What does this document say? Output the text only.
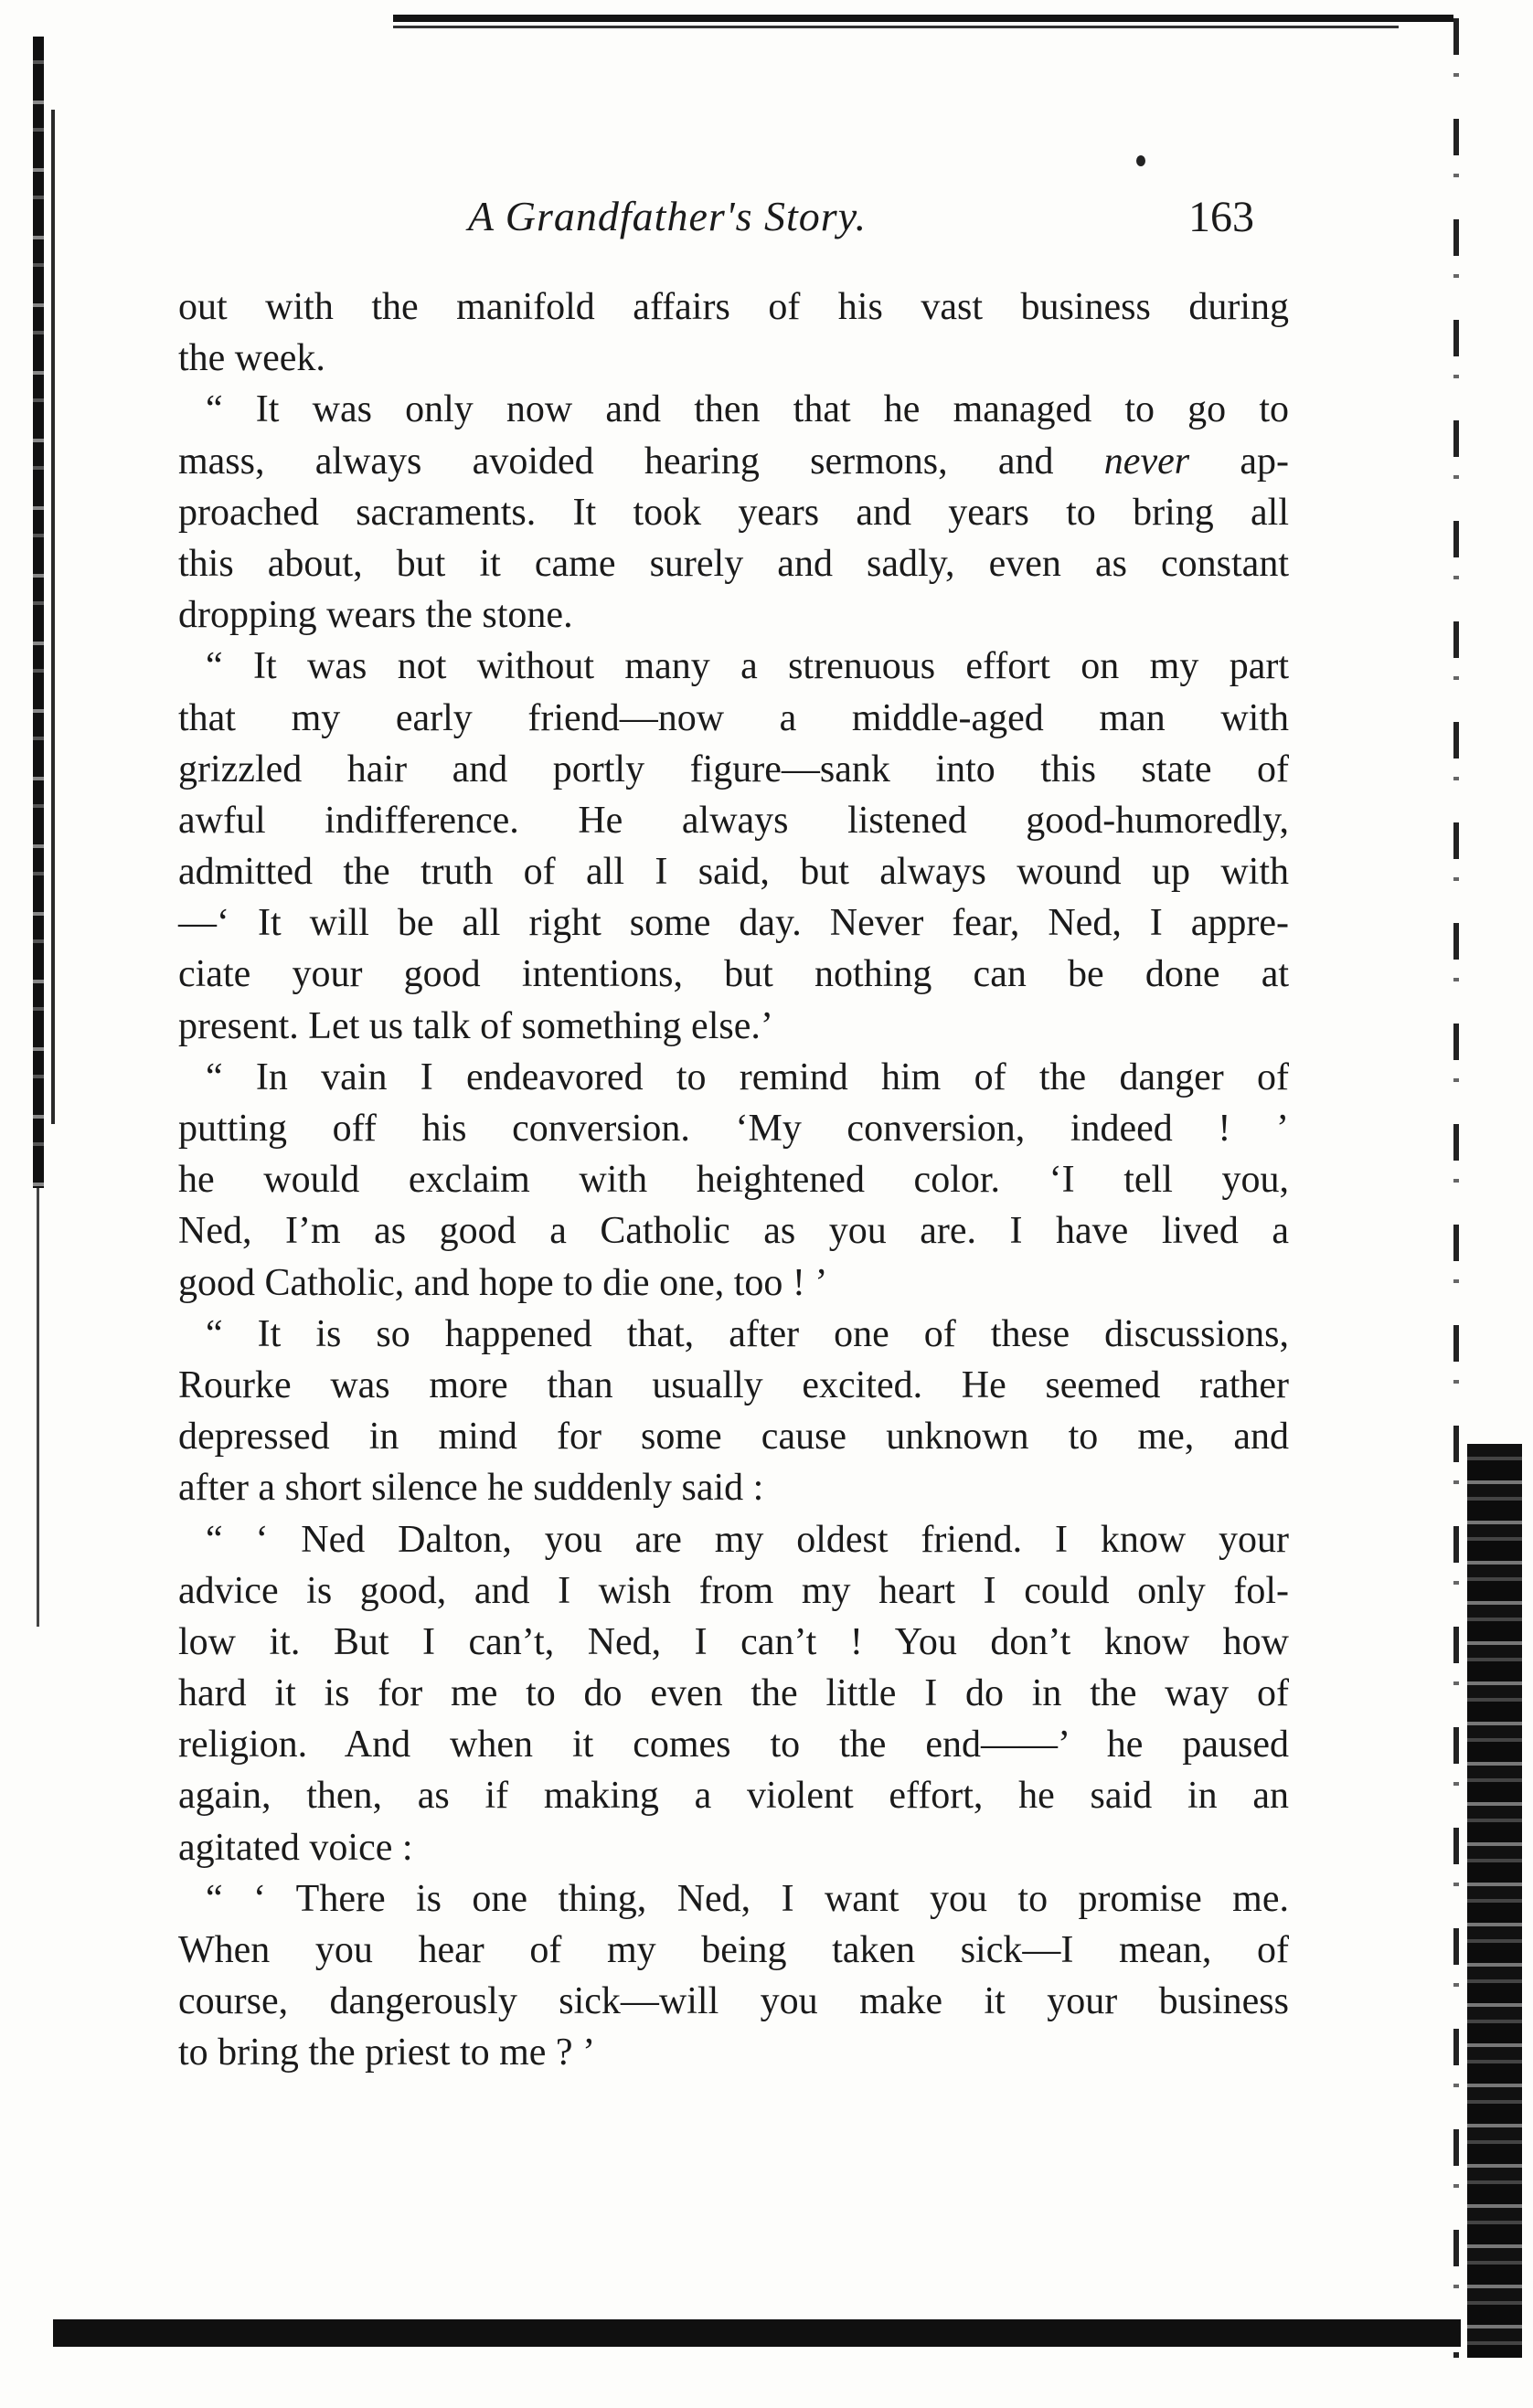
A Grandfather's Story.	163
out with the manifold affairs of his vast business during
the week.
“ It was only now and then that he managed to go to
mass, always avoided hearing sermons, and never ap-
proached sacraments. It took years and years to bring all
this about, but it came surely and sadly, even as constant
dropping wears the stone.
“ It was not without many a strenuous effort on my part
that my early friend—now a middle-aged man with
grizzled hair and portly figure—sank into this state of
awful indifference. He always listened good-humoredly,
admitted the truth of all I said, but always wound up with
—‘ It will be all right some day. Never fear, Ned, I appre-
ciate your good intentions, but nothing can be done at
present. Let us talk of something else.’
“ In vain I endeavored to remind him of the danger of
putting off his conversion. ‘My conversion, indeed ! ’
he would exclaim with heightened color. ‘I tell you,
Ned, I’m as good a Catholic as you are. I have lived a
good Catholic, and hope to die one, too ! ’
“ It is so happened that, after one of these discussions,
Rourke was more than usually excited. He seemed rather
depressed in mind for some cause unknown to me, and
after a short silence he suddenly said :
“ ‘ Ned Dalton, you are my oldest friend. I know your
advice is good, and I wish from my heart I could only fol-
low it. But I can’t, Ned, I can’t ! You don’t know how
hard it is for me to do even the little I do in the way of
religion. And when it comes to the end——’ he paused
again, then, as if making a violent effort, he said in an
agitated voice :
“ ‘ There is one thing, Ned, I want you to promise me.
When you hear of my being taken sick—I mean, of
course, dangerously sick—will you make it your business
to bring the priest to me ? ’
